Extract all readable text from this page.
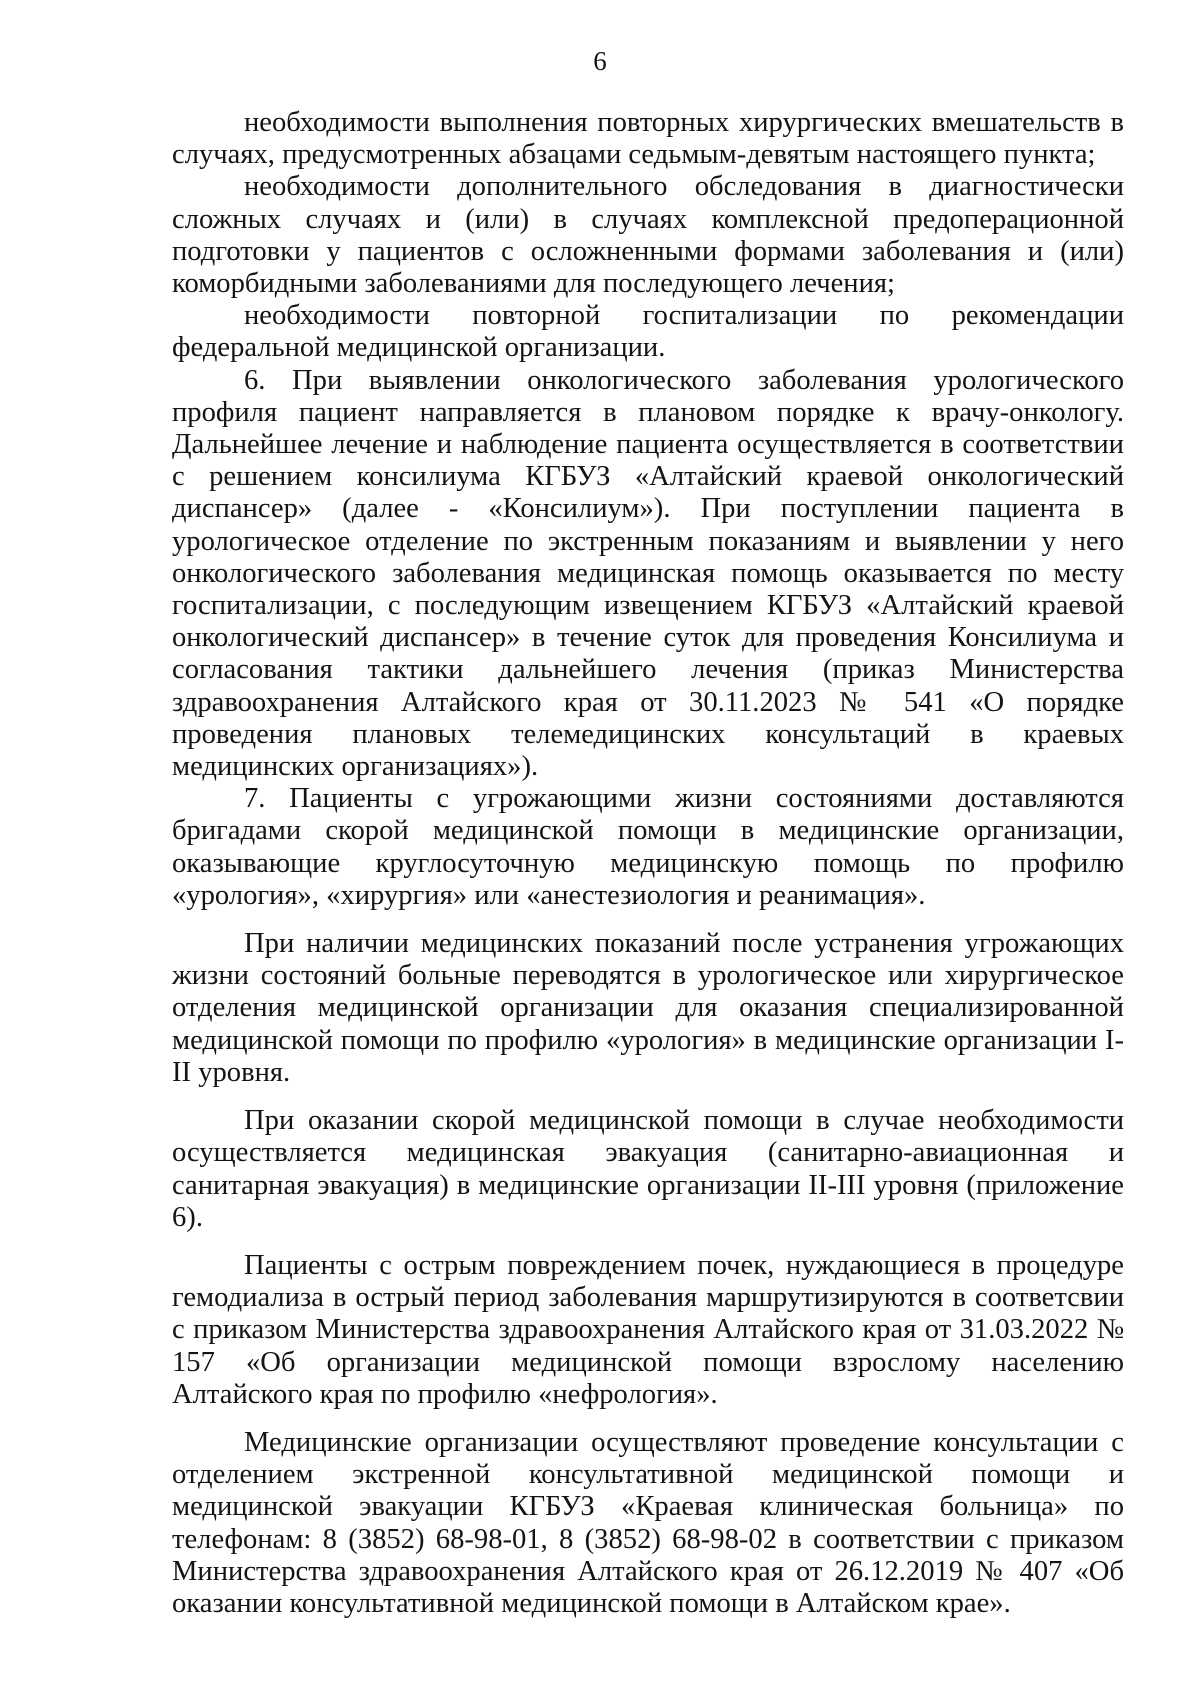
6

необходимости выполнения повторных хирургических вмешательств в случаях, предусмотренных абзацами седьмым-девятым настоящего пункта;

необходимости дополнительного обследования в диагностически сложных случаях и (или) в случаях комплексной предоперационной подготовки у пациентов с осложненными формами заболевания и (или) коморбидными заболеваниями для последующего лечения;

необходимости повторной госпитализации по рекомендации федеральной медицинской организации.

6. При выявлении онкологического заболевания урологического профиля пациент направляется в плановом порядке к врачу-онкологу. Дальнейшее лечение и наблюдение пациента осуществляется в соответствии с решением консилиума КГБУЗ «Алтайский краевой онкологический диспансер» (далее - «Консилиум»). При поступлении пациента в урологическое отделение по экстренным показаниям и выявлении у него онкологического заболевания медицинская помощь оказывается по месту госпитализации, с последующим извещением КГБУЗ «Алтайский краевой онкологический диспансер» в течение суток для проведения Консилиума и согласования тактики дальнейшего лечения (приказ Министерства здравоохранения Алтайского края от 30.11.2023 № 541 «О порядке проведения плановых телемедицинских консультаций в краевых медицинских организациях»).

7. Пациенты с угрожающими жизни состояниями доставляются бригадами скорой медицинской помощи в медицинские организации, оказывающие круглосуточную медицинскую помощь по профилю «урология», «хирургия» или «анестезиология и реанимация».

При наличии медицинских показаний после устранения угрожающих жизни состояний больные переводятся в урологическое или хирургическое отделения медицинской организации для оказания специализированной медицинской помощи по профилю «урология» в медицинские организации I-II уровня.

При оказании скорой медицинской помощи в случае необходимости осуществляется медицинская эвакуация (санитарно-авиационная и санитарная эвакуация) в медицинские организации II-III уровня (приложение 6).

Пациенты с острым повреждением почек, нуждающиеся в процедуре гемодиализа в острый период заболевания маршрутизируются в соответсвии с приказом Министерства здравоохранения Алтайского края от 31.03.2022 № 157 «Об организации медицинской помощи взрослому населению Алтайского края по профилю «нефрология».

Медицинские организации осуществляют проведение консультации с отделением экстренной консультативной медицинской помощи и медицинской эвакуации КГБУЗ «Краевая клиническая больница» по телефонам: 8 (3852) 68-98-01, 8 (3852) 68-98-02 в соответствии с приказом Министерства здравоохранения Алтайского края от 26.12.2019 № 407 «Об оказании консультативной медицинской помощи в Алтайском крае».
